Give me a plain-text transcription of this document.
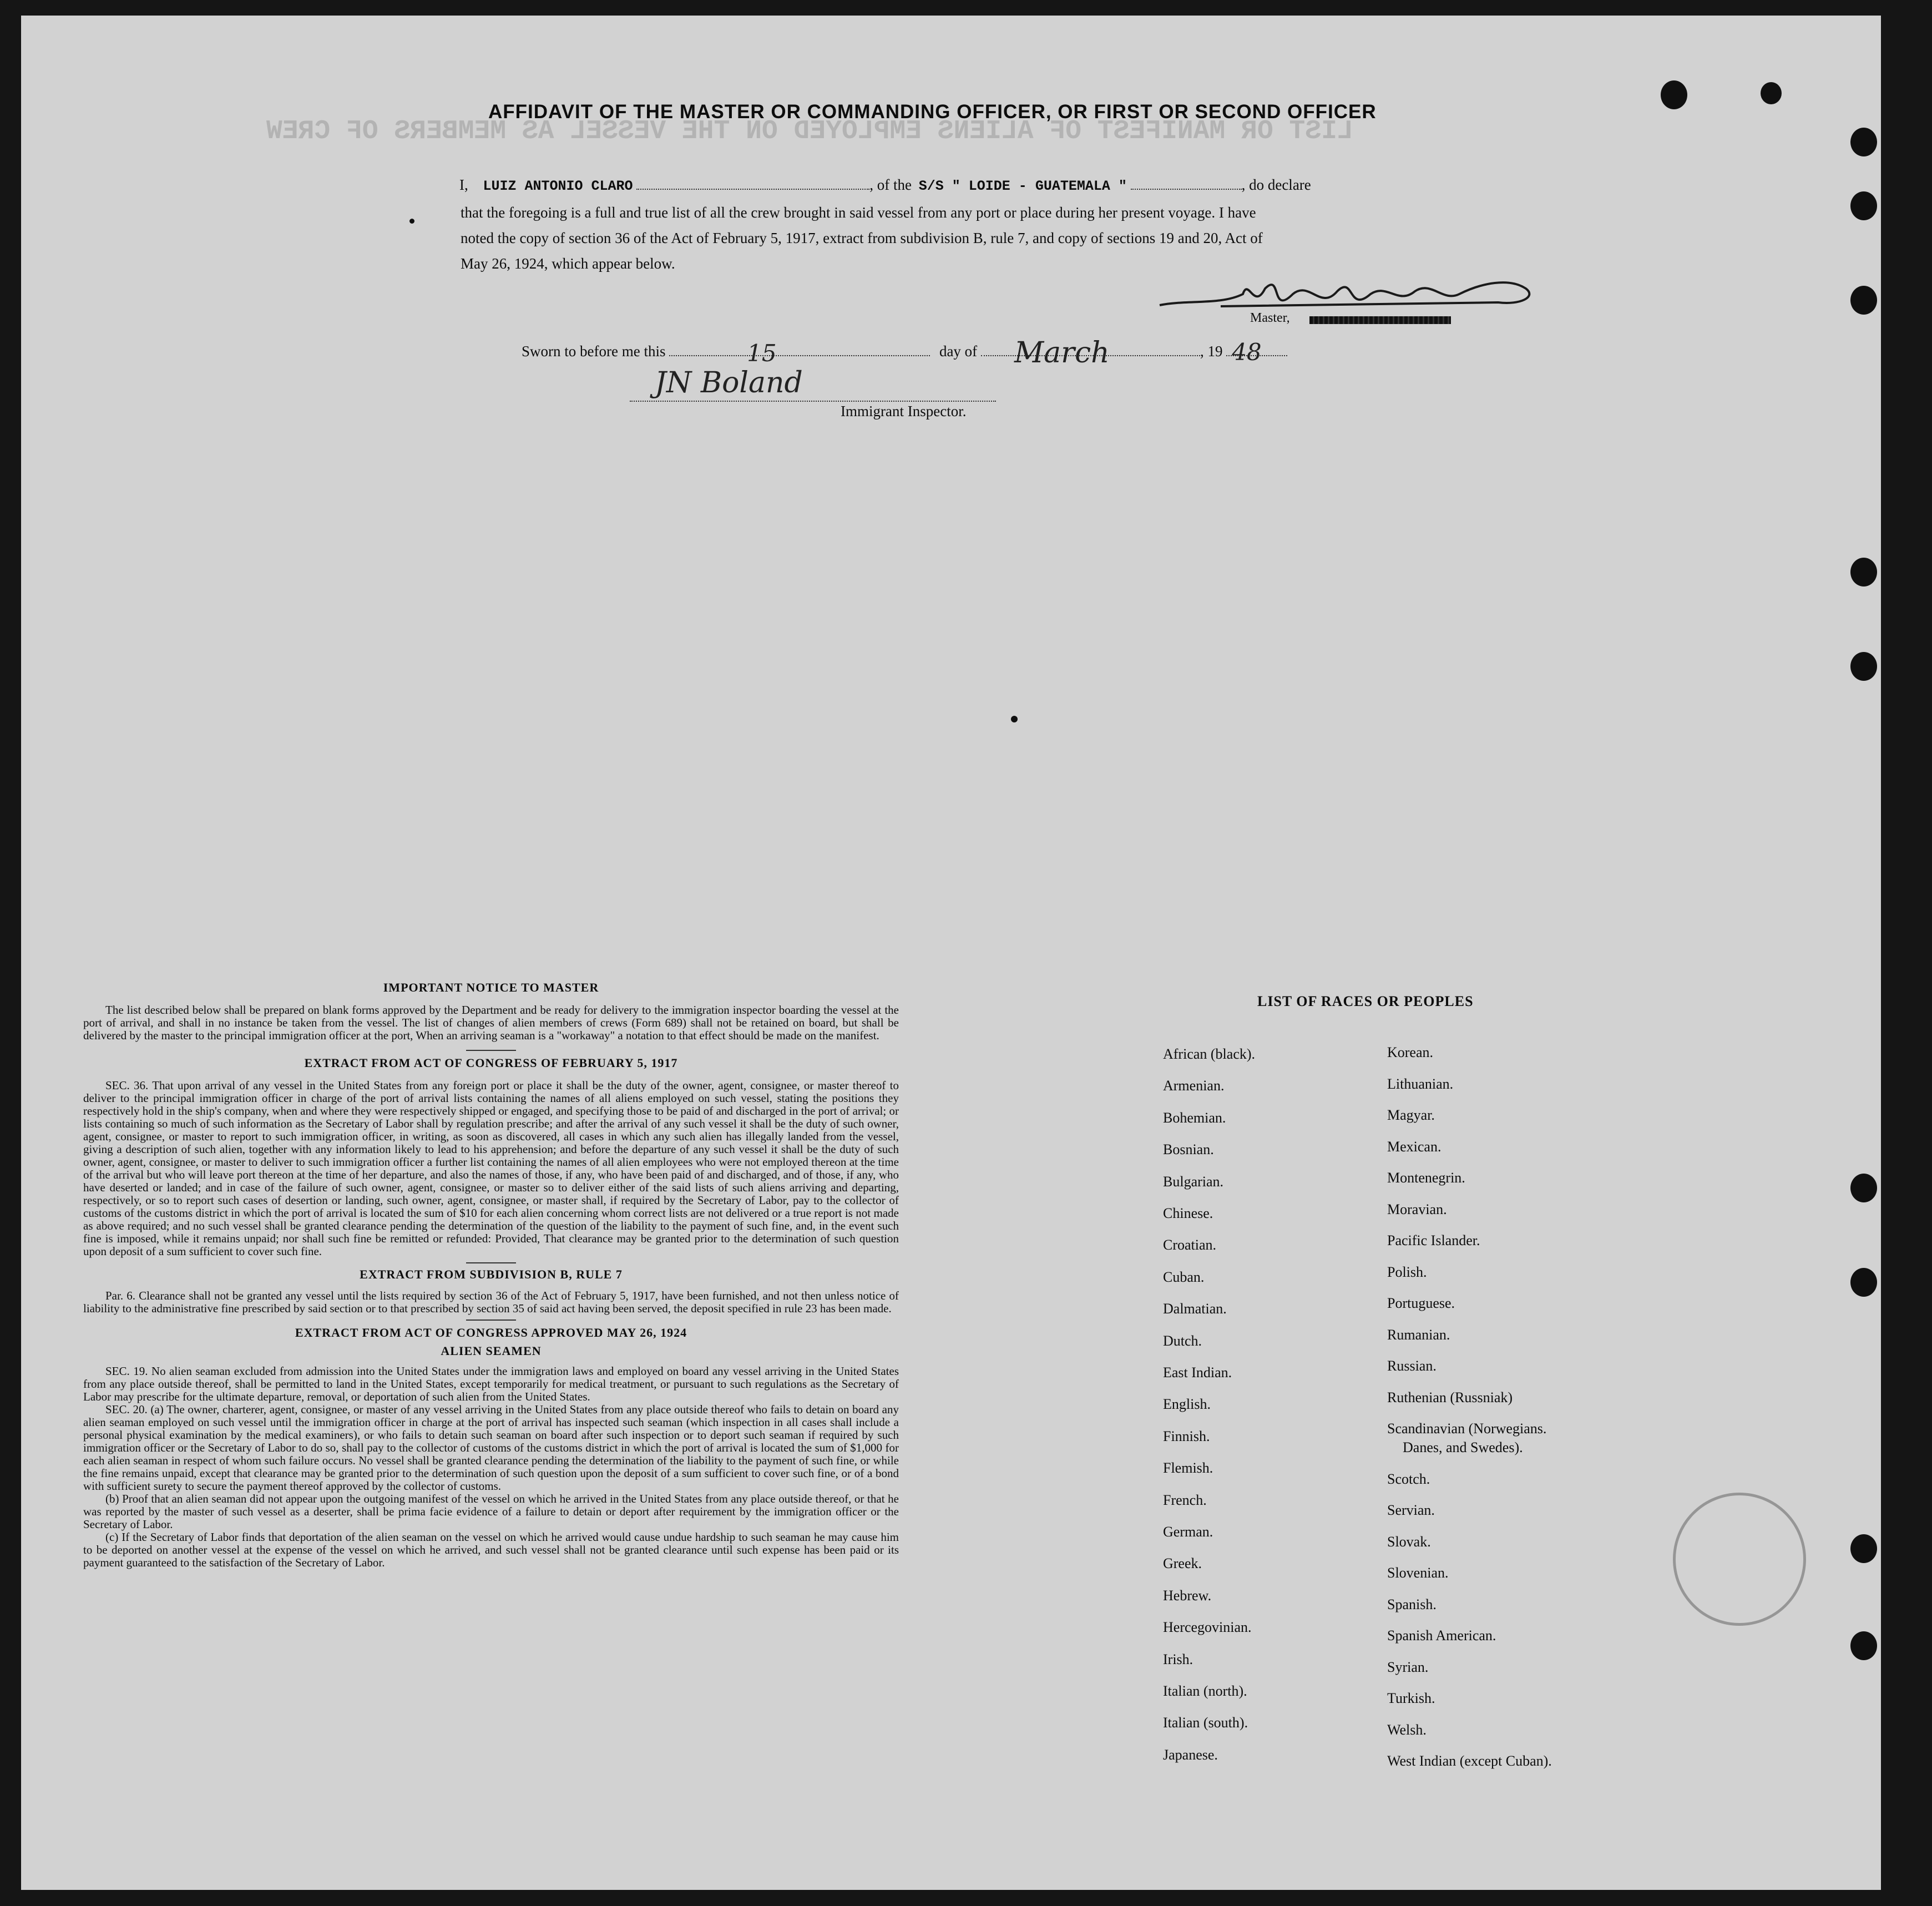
LIST OR MANIFEST OF ALIENS EMPLOYED ON THE VESSEL AS MEMBERS OF CREW
AFFIDAVIT OF THE MASTER OR COMMANDING OFFICER, OR FIRST OR SECOND OFFICER
I, LUIZ ANTONIO CLARO	, of the S/S " LOIDE - GUATEMALA "	, do declare
that the foregoing is a full and true list of all the crew brought in said vessel from any port or place during her present voyage. I have
noted the copy of section 36 of the Act of February 5, 1917, extract from subdivision B, rule 7, and copy of sections 19 and 20, Act of
May 26, 1924, which appear below.
Master,
Sworn to before me this	15	day of March	, 19 48
JN Boland
Immigrant Inspector.
IMPORTANT NOTICE TO MASTER

The list described below shall be prepared on blank forms approved by the Department and be ready for delivery to the immigration inspector boarding the vessel at the port of arrival, and shall in no instance be taken from the vessel. The list of changes of alien members of crews (Form 689) shall not be retained on board, but shall be delivered by the master to the principal immigration officer at the port, When an arriving seaman is a "workaway" a notation to that effect should be made on the manifest.

EXTRACT FROM ACT OF CONGRESS OF FEBRUARY 5, 1917

SEC. 36. That upon arrival of any vessel in the United States from any foreign port or place it shall be the duty of the owner, agent, consignee, or master thereof to deliver to the principal immigration officer in charge of the port of arrival lists containing the names of all aliens employed on such vessel, stating the positions they respectively hold in the ship's company, when and where they were respectively shipped or engaged, and specifying those to be paid of and discharged in the port of arrival; or lists containing so much of such information as the Secretary of Labor shall by regulation prescribe; and after the arrival of any such vessel it shall be the duty of such owner, agent, consignee, or master to report to such immigration officer, in writing, as soon as discovered, all cases in which any such alien has illegally landed from the vessel, giving a description of such alien, together with any information likely to lead to his apprehension; and before the departure of any such vessel it shall be the duty of such owner, agent, consignee, or master to deliver to such immigration officer a further list containing the names of all alien employees who were not employed thereon at the time of the arrival but who will leave port thereon at the time of her departure, and also the names of those, if any, who have been paid of and discharged, and of those, if any, who have deserted or landed; and in case of the failure of such owner, agent, consignee, or master so to deliver either of the said lists of such aliens arriving and departing, respectively, or so to report such cases of desertion or landing, such owner, agent, consignee, or master shall, if required by the Secretary of Labor, pay to the collector of customs of the customs district in which the port of arrival is located the sum of $10 for each alien concerning whom correct lists are not delivered or a true report is not made as above required; and no such vessel shall be granted clearance pending the determination of the question of the liability to the payment of such fine, and, in the event such fine is imposed, while it remains unpaid; nor shall such fine be remitted or refunded: Provided, That clearance may be granted prior to the determination of such question upon deposit of a sum sufficient to cover such fine.

EXTRACT FROM SUBDIVISION B, RULE 7

Par. 6. Clearance shall not be granted any vessel until the lists required by section 36 of the Act of February 5, 1917, have been furnished, and not then unless notice of liability to the administrative fine prescribed by said section or to that prescribed by section 35 of said act having been served, the deposit specified in rule 23 has been made.

EXTRACT FROM ACT OF CONGRESS APPROVED MAY 26, 1924
ALIEN SEAMEN

SEC. 19. No alien seaman excluded from admission into the United States under the immigration laws and employed on board any vessel arriving in the United States from any place outside thereof, shall be permitted to land in the United States, except temporarily for medical treatment, or pursuant to such regulations as the Secretary of Labor may prescribe for the ultimate departure, removal, or deportation of such alien from the United States.

SEC. 20. (a) The owner, charterer, agent, consignee, or master of any vessel arriving in the United States from any place outside thereof who fails to detain on board any alien seaman employed on such vessel until the immigration officer in charge at the port of arrival has inspected such seaman (which inspection in all cases shall include a personal physical examination by the medical examiners), or who fails to detain such seaman on board after such inspection or to deport such seaman if required by such immigration officer or the Secretary of Labor to do so, shall pay to the collector of customs of the customs district in which the port of arrival is located the sum of $1,000 for each alien seaman in respect of whom such failure occurs. No vessel shall be granted clearance pending the determination of the liability to the payment of such fine, or while the fine remains unpaid, except that clearance may be granted prior to the determination of such question upon the deposit of a sum sufficient to cover such fine, or of a bond with sufficient surety to secure the payment thereof approved by the collector of customs.

(b) Proof that an alien seaman did not appear upon the outgoing manifest of the vessel on which he arrived in the United States from any place outside thereof, or that he was reported by the master of such vessel as a deserter, shall be prima facie evidence of a failure to detain or deport after requirement by the immigration officer or the Secretary of Labor.

(c) If the Secretary of Labor finds that deportation of the alien seaman on the vessel on which he arrived would cause undue hardship to such seaman he may cause him to be deported on another vessel at the expense of the vessel on which he arrived, and such vessel shall not be granted clearance until such expense has been paid or its payment guaranteed to the satisfaction of the Secretary of Labor.

LIST OF RACES OR PEOPLES
African (black).
Armenian.
Bohemian.
Bosnian.
Bulgarian.
Chinese.
Croatian.
Cuban.
Dalmatian.
Dutch.
East Indian.
English.
Finnish.
Flemish.
French.
German.
Greek.
Hebrew.
Hercegovinian.
Irish.
Italian (north).
Italian (south).
Japanese.
Korean.
Lithuanian.
Magyar.
Mexican.
Montenegrin.
Moravian.
Pacific Islander.
Polish.
Portuguese.
Rumanian.
Russian.
Ruthenian (Russniak)
Scandinavian (Norwegians.
Danes, and Swedes).
Scotch.
Servian.
Slovak.
Slovenian.
Spanish.
Spanish American.
Syrian.
Turkish.
Welsh.
West Indian (except Cuban).
